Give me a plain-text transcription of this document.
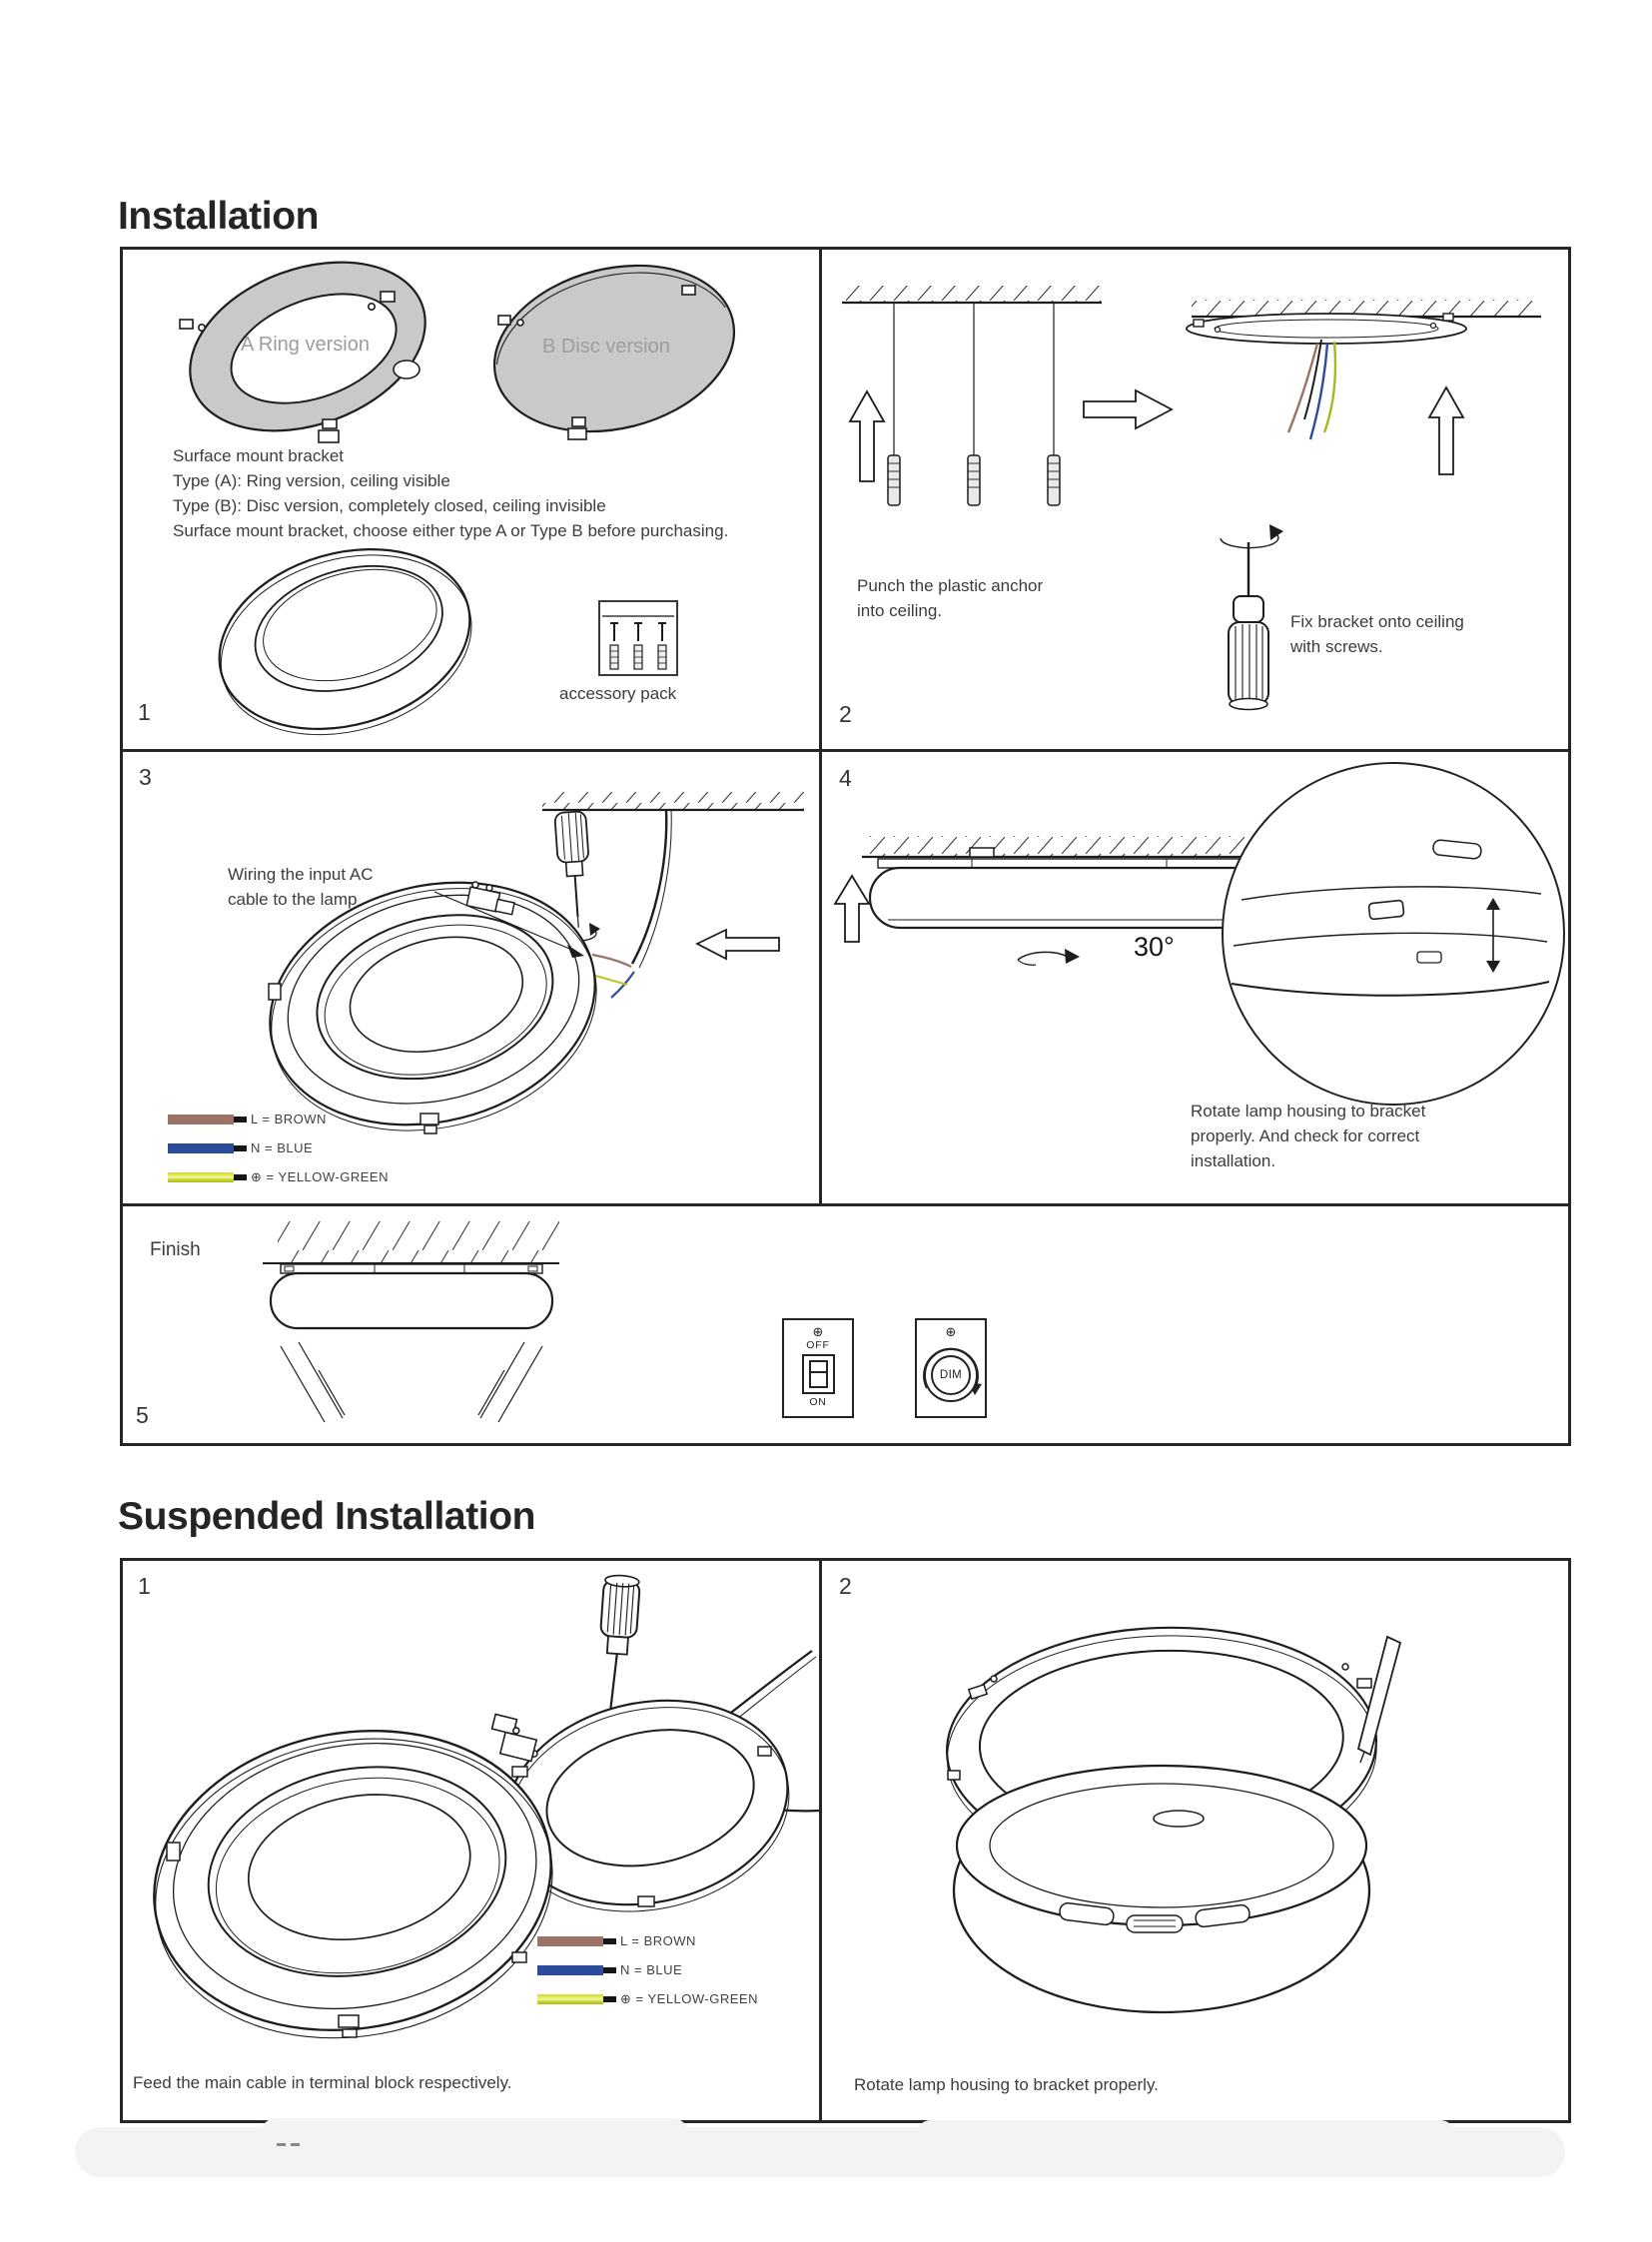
Installation
A Ring version	B Disc version
Surface mount bracket
Type (A): Ring version, ceiling visible
Type (B): Disc version, completely closed, ceiling invisible
Surface mount bracket, choose either type A or Type B before purchasing.
accessory pack
1
Punch the plastic anchor
into ceiling.
Fix bracket onto ceiling
with screws.
2
Wiring the input AC
cable to the lamp
L = BROWN
N = BLUE
⊕ = YELLOW-GREEN
3
30°
Rotate lamp housing to bracket
properly. And check for correct
installation.
4
Finish
⊕
OFF
ON
⊕
DIM
5
Suspended Installation
L = BROWN
N = BLUE
⊕ = YELLOW-GREEN
Feed the main cable in terminal block respectively.
1
Rotate lamp housing to bracket properly.
2
